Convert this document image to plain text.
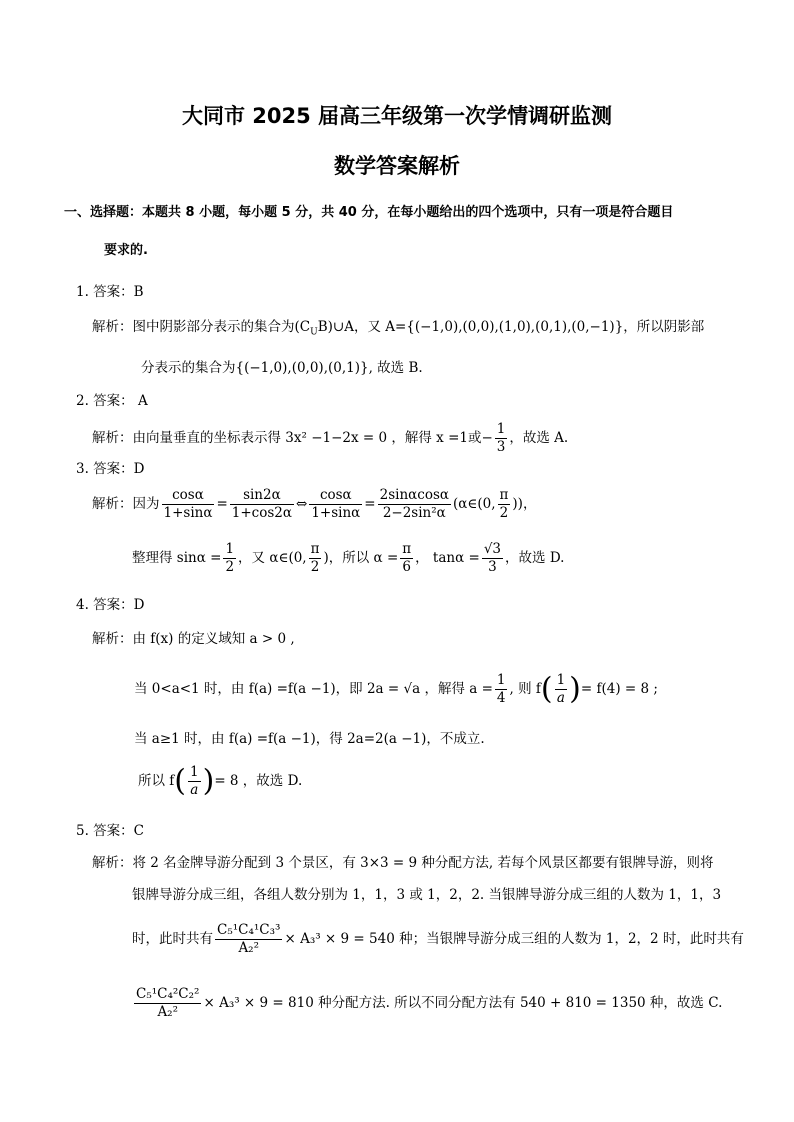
大同市 2025 届高三年级第一次学情调研监测
数学答案解析
一、选择题：本题共 8 小题，每小题 5 分，共 40 分，在每小题给出的四个选项中，只有一项是符合题目
要求的.
1. 答案：B
解析：图中阴影部分表示的集合为$(C_UB)\cup A$，又 A={(−1,0),(0,0),(1,0),(0,1),(0,−1)}，所以阴影部
分表示的集合为{(−1,0),(0,0),(0,1)}, 故选 B.
2. 答案： A
解析：由向量垂直的坐标表示得 3x² −1−2x = 0 ，解得 x =1或− $\frac{1}{3}$ ，故选 A.
3. 答案：D
解析：因为 $\frac{\cos\alpha}{1+\sin\alpha} = \frac{\sin 2\alpha}{1+\cos 2\alpha}$ ⇔ $\frac{\cos\alpha}{1+\sin\alpha} = \frac{2\sin\alpha\cos\alpha}{\text{2−2sin²α}}$ (α∈(0, $\frac{\pi}{2}$ ))，
整理得 $\sin\alpha = \frac{1}{2}$ ，又 α∈(0, $\frac{\pi}{2}$ )，所以 $\alpha = \frac{\pi}{6}$ ， $\tan\alpha = \frac{√3}{3}$ ，故选 D.
4. 答案：D
解析：由 f(x) 的定义域知 a > 0 ,
当 0<a<1 时，由 f(a) =f(a −1)，即 2a = √a ，解得 $a = \frac{1}{4}$ , 则 $f( \frac{1}{a}$ )= f(4) = 8 ;
当 a≥1 时，由 f(a) =f(a −1)，得 2a=2(a −1)，不成立.
所以 $f( \frac{1}{a}$ )= 8 ，故选 D.
5. 答案：C
解析：将 2 名金牌导游分配到 3 个景区，有 3×3 = 9 种分配方法, 若每个风景区都要有银牌导游，则将
银牌导游分成三组，各组人数分别为 1，1，3 或 1，2，2. 当银牌导游分成三组的人数为 1，1，3
时，此时共有 $\frac{\text{C₅¹C₄¹C₃³}}{\text{A₂²}} \times A_3^3 \times 9 = 540$ 种；当银牌导游分成三组的人数为 1，2，2 时，此时共有
$\frac{\text{C₅¹C₄²C₂²}}{\text{A₂²}} \times A_3^3 \times 9 = 810$ 种分配方法. 所以不同分配方法有 540 + 810 = 1350 种，故选 C.
